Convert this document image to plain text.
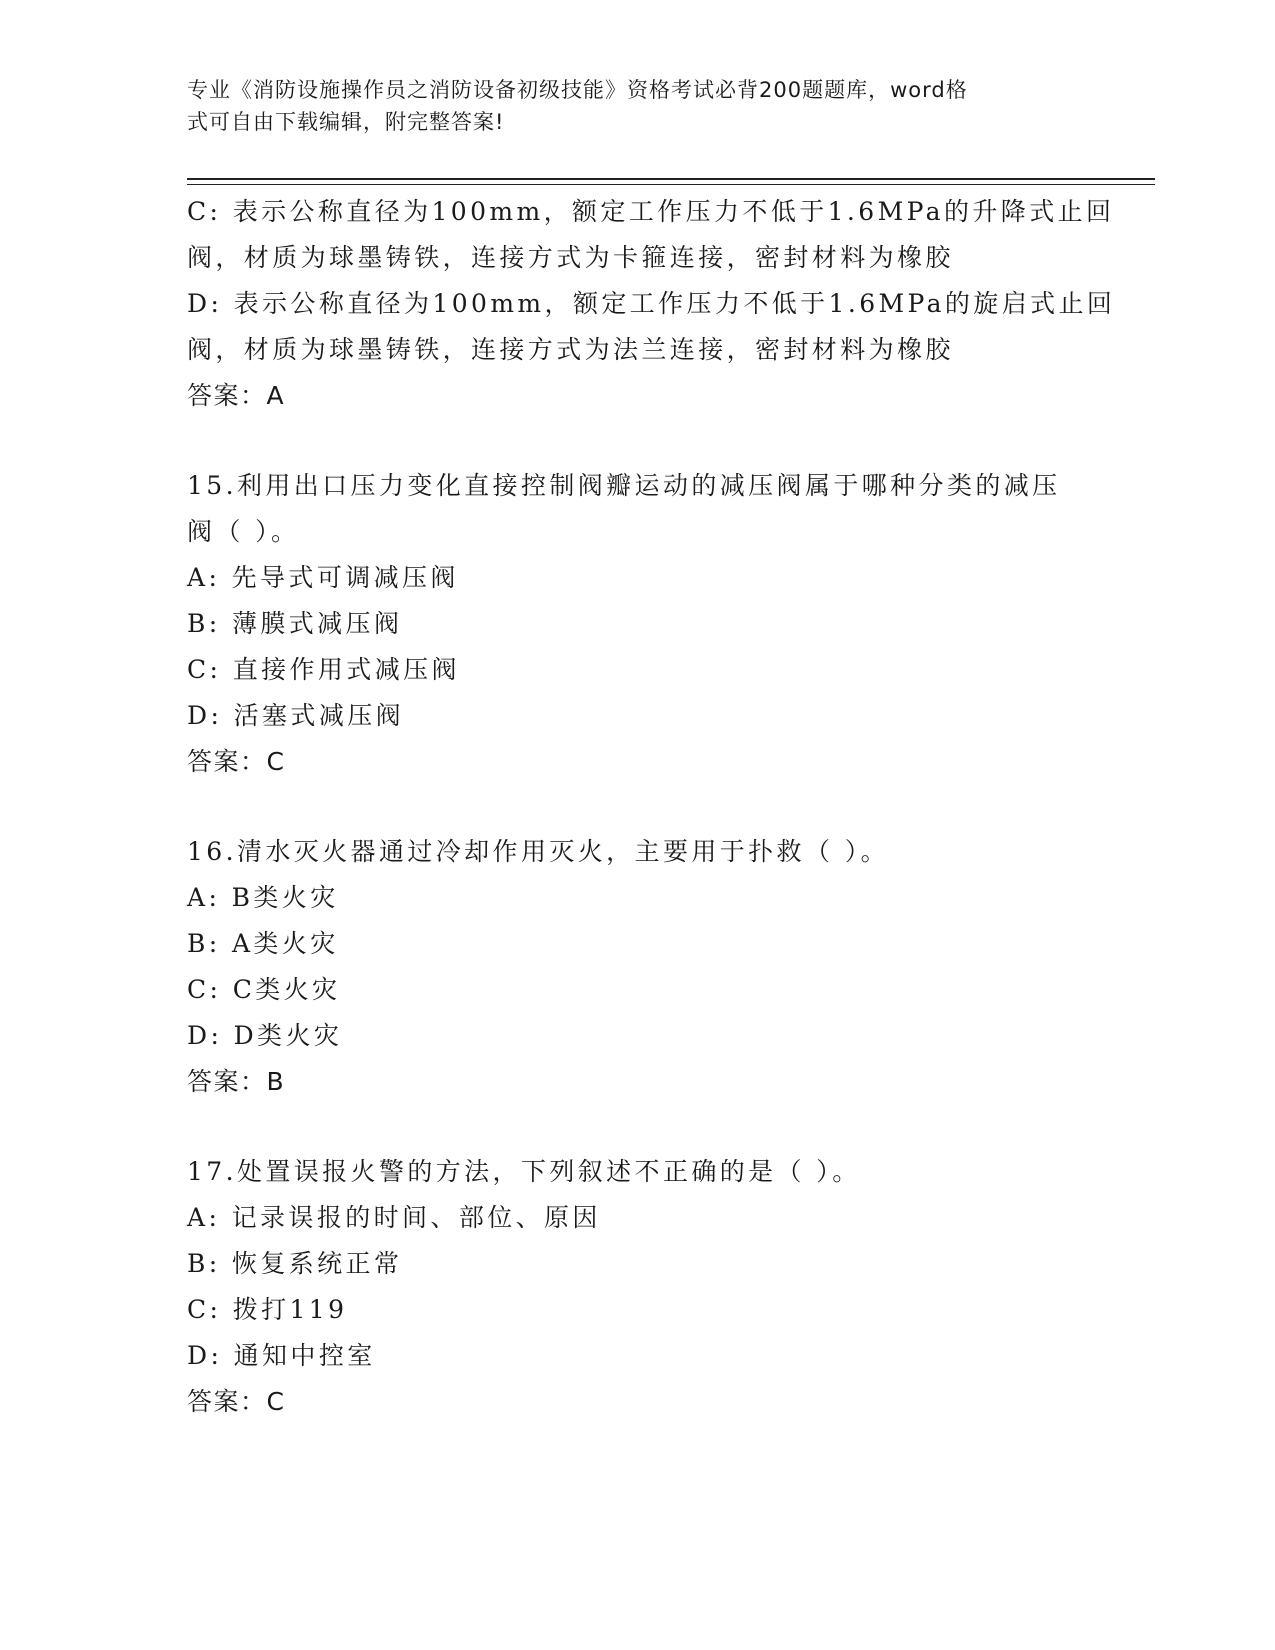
专业《消防设施操作员之消防设备初级技能》资格考试必背200题题库，word格
式可自由下载编辑，附完整答案!
C: 表示公称直径为100mm，额定工作压力不低于1.6MPa的升降式止回
阀，材质为球墨铸铁，连接方式为卡箍连接，密封材料为橡胶
D: 表示公称直径为100mm，额定工作压力不低于1.6MPa的旋启式止回
阀，材质为球墨铸铁，连接方式为法兰连接，密封材料为橡胶
答案：A
15.利用出口压力变化直接控制阀瓣运动的减压阀属于哪种分类的减压
阀（ ）。
A: 先导式可调减压阀
B: 薄膜式减压阀
C: 直接作用式减压阀
D: 活塞式减压阀
答案：C
16.清水灭火器通过冷却作用灭火，主要用于扑救（ ）。
A: B类火灾
B: A类火灾
C: C类火灾
D: D类火灾
答案：B
17.处置误报火警的方法，下列叙述不正确的是（ ）。
A: 记录误报的时间、部位、原因
B: 恢复系统正常
C: 拨打119
D: 通知中控室
答案：C
